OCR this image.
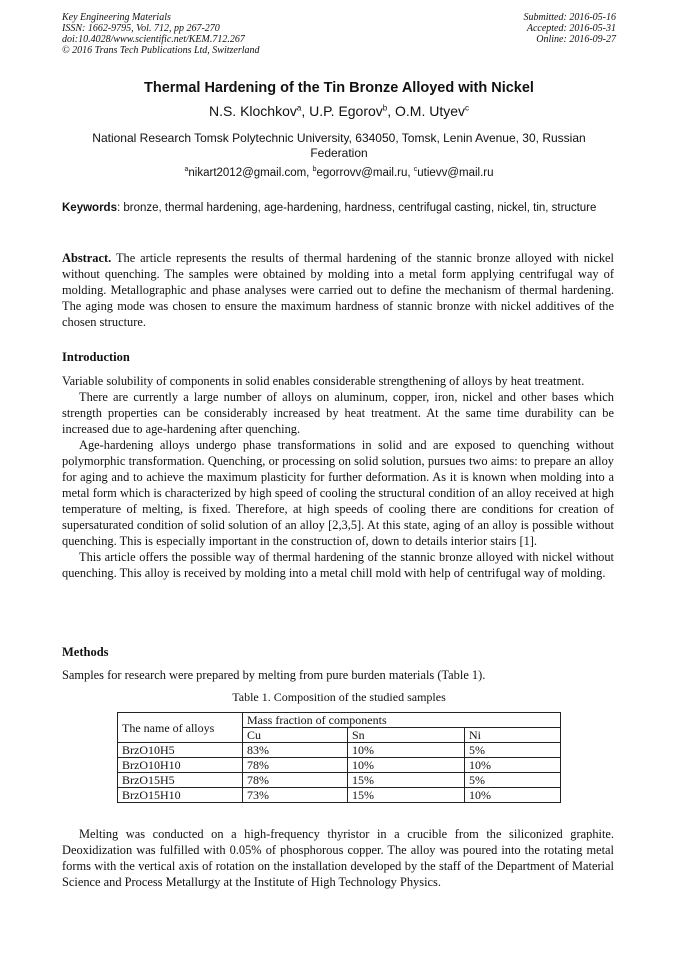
Key Engineering Materials
ISSN: 1662-9795, Vol. 712, pp 267-270
doi:10.4028/www.scientific.net/KEM.712.267
© 2016 Trans Tech Publications Ltd, Switzerland
Submitted: 2016-05-16
Accepted: 2016-05-31
Online: 2016-09-27
Thermal Hardening of the Tin Bronze Alloyed with Nickel
N.S. Klochkov$^a$, U.P. Egorov$^b$, O.M. Utyev$^c$
National Research Tomsk Polytechnic University, 634050, Tomsk, Lenin Avenue, 30, Russian Federation
$^a$nikart2012@gmail.com, $^b$egorrovv@mail.ru, $^c$utievv@mail.ru
Keywords: bronze, thermal hardening, age-hardening, hardness, centrifugal casting, nickel, tin, structure

Abstract. The article represents the results of thermal hardening of the stannic bronze alloyed with nickel without quenching. The samples were obtained by molding into a metal form applying centrifugal way of molding. Metallographic and phase analyses were carried out to define the mechanism of thermal hardening. The aging mode was chosen to ensure the maximum hardness of stannic bronze with nickel additives of the chosen structure.

Introduction

Variable solubility of components in solid enables considerable strengthening of alloys by heat treatment.

There are currently a large number of alloys on aluminum, copper, iron, nickel and other bases which strength properties can be considerably increased by heat treatment. At the same time durability can be increased due to age-hardening after quenching.

Age-hardening alloys undergo phase transformations in solid and are exposed to quenching without polymorphic transformation. Quenching, or processing on solid solution, pursues two aims: to prepare an alloy for aging and to achieve the maximum plasticity for further deformation. As it is known when molding into a metal form which is characterized by high speed of cooling the structural condition of an alloy received at high temperature of melting, is fixed. Therefore, at high speeds of cooling there are conditions for creation of supersaturated condition of solid solution of an alloy [2,3,5]. At this state, aging of an alloy is possible without quenching. This is especially important in the construction of, down to details interior stairs [1].

This article offers the possible way of thermal hardening of the stannic bronze alloyed with nickel without quenching. This alloy is received by molding into a metal chill mold with help of centrifugal way of molding.

Methods

Samples for research were prepared by melting from pure burden materials (Table 1).

Table 1. Composition of the studied samples
The name of alloys	Mass fraction of components		
	Cu	Sn	Ni
BrzO10H5	83%	10%	5%
BrzO10H10	78%	10%	10%
BrzO15H5	78%	15%	5%
BrzO15H10	73%	15%	10%

Melting was conducted on a high-frequency thyristor in a crucible from the siliconized graphite. Deoxidization was fulfilled with 0.05% of phosphorous copper. The alloy was poured into the rotating metal forms with the vertical axis of rotation on the installation developed by the staff of the Department of Material Science and Process Metallurgy at the Institute of High Technology Physics.
